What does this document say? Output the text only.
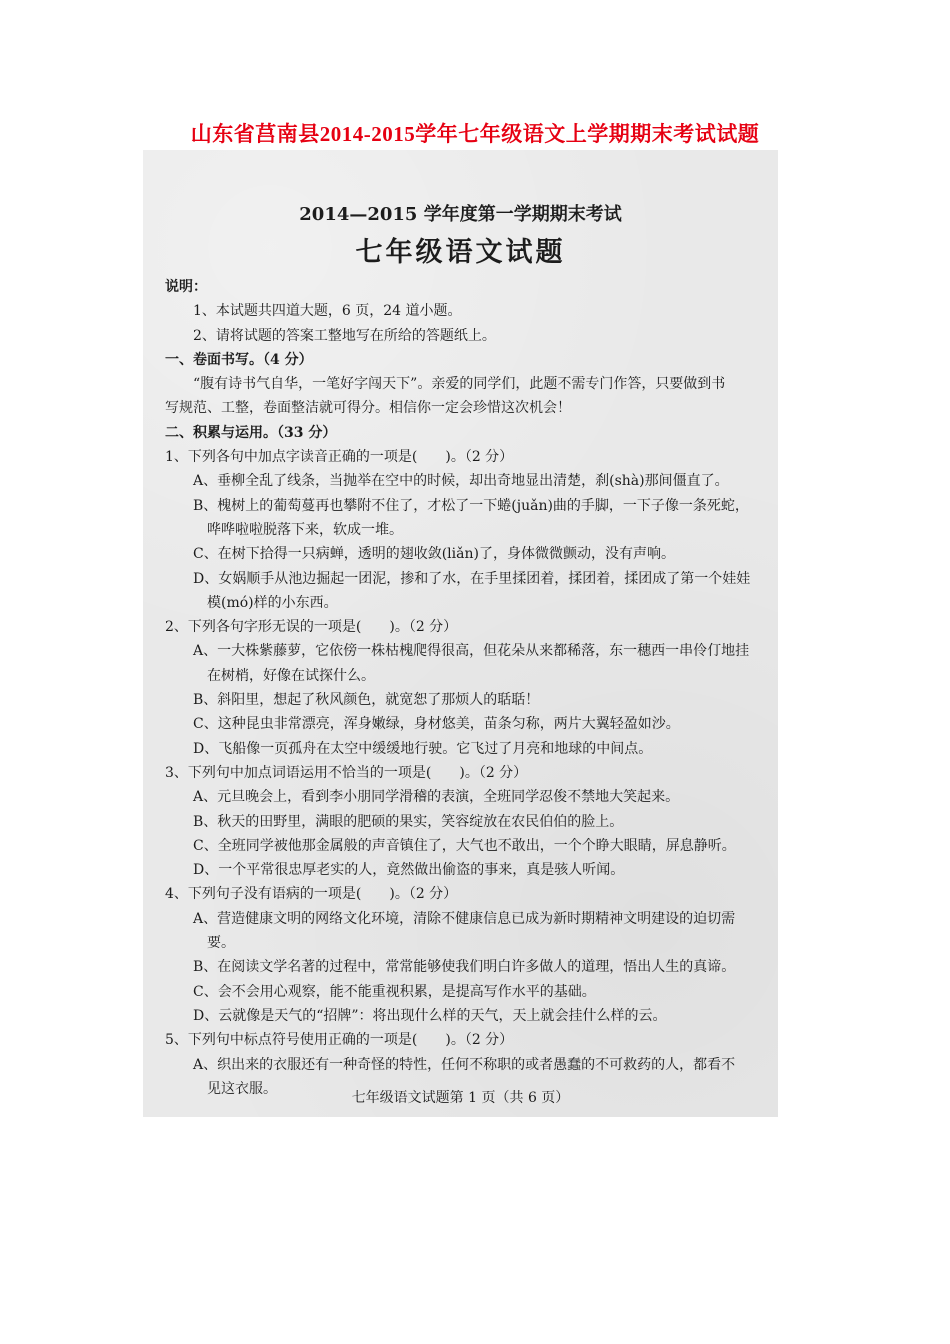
山东省莒南县2014-2015学年七年级语文上学期期末考试试题
2014—2015 学年度第一学期期末考试
七年级语文试题
说明：
1、本试题共四道大题，6 页，24 道小题。
2、请将试题的答案工整地写在所给的答题纸上。
一、卷面书写。（4 分）
“腹有诗书气自华，一笔好字闯天下”。亲爱的同学们，此题不需专门作答，只要做到书
写规范、工整，卷面整洁就可得分。相信你一定会珍惜这次机会！
二、积累与运用。（33 分）
1、下列各句中加点字读音正确的一项是(　　)。（2 分）
A、垂柳全乱了线条，当抛举在空中的时候，却出奇地显出清楚，刹(shà)那间僵直了。
B、槐树上的葡萄蔓再也攀附不住了，才松了一下蜷(juǎn)曲的手脚，一下子像一条死蛇，
哗哗啦啦脱落下来，软成一堆。
C、在树下拾得一只病蝉，透明的翅收敛(liǎn)了，身体微微颤动，没有声响。
D、女娲顺手从池边掘起一团泥，掺和了水，在手里揉团着，揉团着，揉团成了第一个娃娃
模(mó)样的小东西。
2、下列各句字形无误的一项是(　　)。（2 分）
A、一大株紫藤萝，它依傍一株枯槐爬得很高，但花朵从来都稀落，东一穗西一串伶仃地挂
在树梢，好像在试探什么。
B、斜阳里，想起了秋风颜色，就宽恕了那烦人的聒聒！
C、这种昆虫非常漂亮，浑身嫩绿，身材悠美，苗条匀称，两片大翼轻盈如沙。
D、飞船像一页孤舟在太空中缓缓地行驶。它飞过了月亮和地球的中间点。
3、下列句中加点词语运用不恰当的一项是(　　)。（2 分）
A、元旦晚会上，看到李小朋同学滑稽的表演，全班同学忍俊不禁地大笑起来。
B、秋天的田野里，满眼的肥硕的果实，笑容绽放在农民伯伯的脸上。
C、全班同学被他那金属般的声音镇住了，大气也不敢出，一个个睁大眼睛，屏息静听。
D、一个平常很忠厚老实的人，竟然做出偷盗的事来，真是骇人听闻。
4、下列句子没有语病的一项是(　　)。（2 分）
A、营造健康文明的网络文化环境，清除不健康信息已成为新时期精神文明建设的迫切需
要。
B、在阅读文学名著的过程中，常常能够使我们明白许多做人的道理，悟出人生的真谛。
C、会不会用心观察，能不能重视积累，是提高写作水平的基础。
D、云就像是天气的“招牌”：将出现什么样的天气，天上就会挂什么样的云。
5、下列句中标点符号使用正确的一项是(　　)。（2 分）
A、织出来的衣服还有一种奇怪的特性，任何不称职的或者愚蠢的不可救药的人，都看不
见这衣服。
七年级语文试题第 1 页（共 6 页）
